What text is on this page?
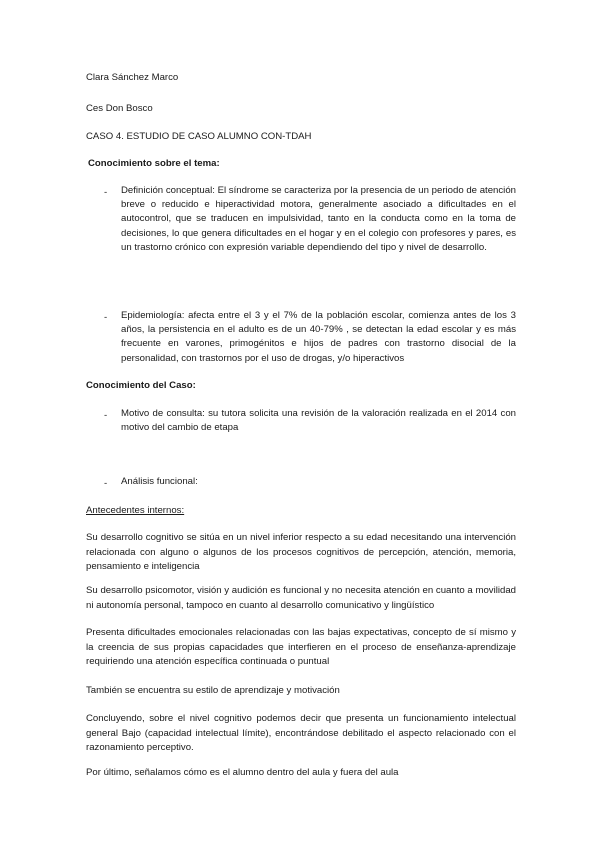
Clara Sánchez Marco
Ces Don Bosco
CASO 4. ESTUDIO DE CASO ALUMNO CON-TDAH
Conocimiento sobre el tema:
- Definición conceptual: El síndrome se caracteriza por la presencia de un periodo de atención breve o reducido e hiperactividad motora, generalmente asociado a dificultades en el autocontrol, que se traducen en impulsividad, tanto en la conducta como en la toma de decisiones, lo que genera dificultades en el hogar y en el colegio con profesores y pares, es un trastorno crónico con expresión variable dependiendo del tipo y nivel de desarrollo.
- Epidemiología: afecta entre el 3 y el 7% de la población escolar, comienza antes de los 3 años, la persistencia en el adulto es de un 40-79% , se detectan la edad escolar y es más frecuente en varones, primogénitos e hijos de padres con trastorno disocial de la personalidad, con trastornos por el uso de drogas, y/o hiperactivos
Conocimiento del Caso:
- Motivo de consulta: su tutora solicita una revisión de la valoración realizada en el 2014 con motivo del cambio de etapa
- Análisis funcional:
Antecedentes internos:
Su desarrollo cognitivo se sitúa en un nivel inferior respecto a su edad necesitando una intervención relacionada con alguno o algunos de los procesos cognitivos de percepción, atención, memoria, pensamiento e inteligencia
Su desarrollo psicomotor, visión y audición es funcional y no necesita atención en cuanto a movilidad ni autonomía personal, tampoco en cuanto al desarrollo comunicativo y lingüístico
Presenta dificultades emocionales relacionadas con las bajas expectativas, concepto de sí mismo y la creencia de sus propias capacidades que interfieren en el proceso de enseñanza-aprendizaje requiriendo una atención específica continuada o puntual
También se encuentra su estilo de aprendizaje y motivación
Concluyendo, sobre el nivel cognitivo podemos decir que presenta un funcionamiento intelectual general Bajo (capacidad intelectual límite), encontrándose debilitado el aspecto relacionado con el razonamiento perceptivo.
Por último, señalamos cómo es el alumno dentro del aula y fuera del aula
